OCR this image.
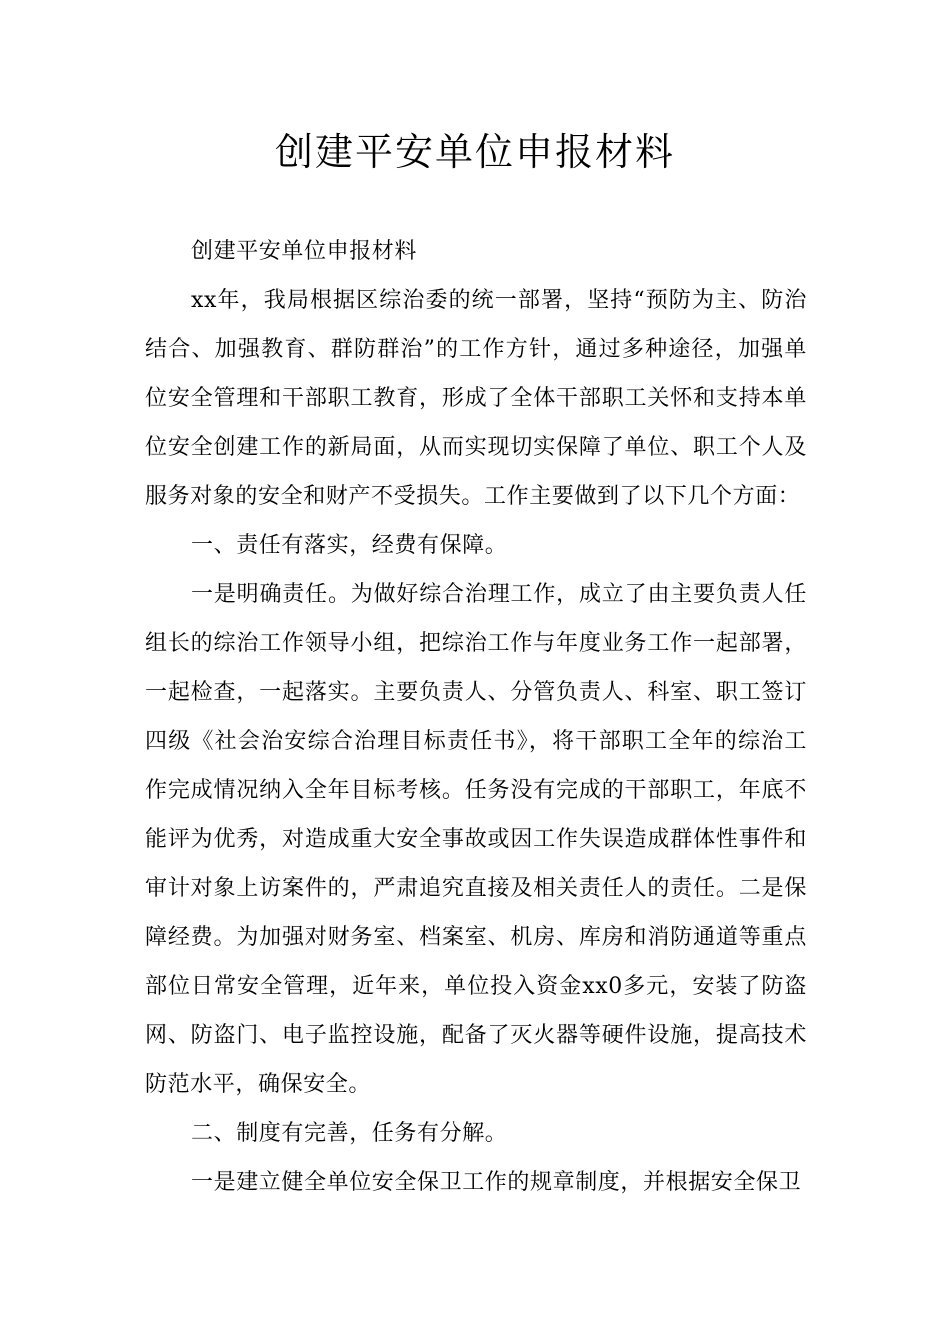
创建平安单位申报材料

创建平安单位申报材料

xx年，我局根据区综治委的统一部署，坚持“预防为主、防治结合、加强教育、群防群治”的工作方针，通过多种途径，加强单位安全管理和干部职工教育，形成了全体干部职工关怀和支持本单位安全创建工作的新局面，从而实现切实保障了单位、职工个人及服务对象的安全和财产不受损失。工作主要做到了以下几个方面：

一、责任有落实，经费有保障。

一是明确责任。为做好综合治理工作，成立了由主要负责人任组长的综治工作领导小组，把综治工作与年度业务工作一起部署，一起检查，一起落实。主要负责人、分管负责人、科室、职工签订四级《社会治安综合治理目标责任书》，将干部职工全年的综治工作完成情况纳入全年目标考核。任务没有完成的干部职工，年底不能评为优秀，对造成重大安全事故或因工作失误造成群体性事件和审计对象上访案件的，严肃追究直接及相关责任人的责任。二是保障经费。为加强对财务室、档案室、机房、库房和消防通道等重点部位日常安全管理，近年来，单位投入资金xx0多元，安装了防盗网、防盗门、电子监控设施，配备了灭火器等硬件设施，提高技术防范水平，确保安全。

二、制度有完善，任务有分解。

一是建立健全单位安全保卫工作的规章制度，并根据安全保卫
